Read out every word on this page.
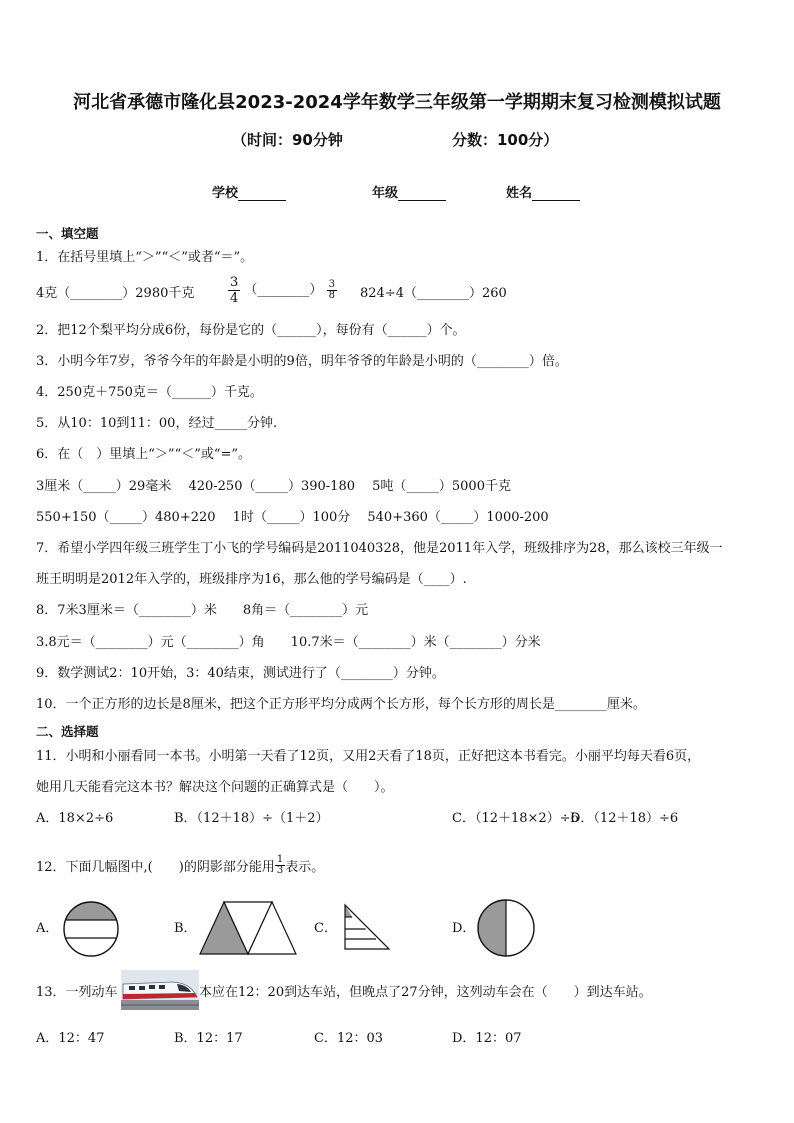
河北省承德市隆化县2023-2024学年数学三年级第一学期期末复习检测模拟试题
（时间：90分钟	分数：100分）
学校	年级	姓名
一、填空题
1．在括号里填上“＞”“＜”或者“＝”。
4克（________）2980千克	$\frac{3}{4}$ （________） $\frac{3}{8}$ 824÷4（________）260
2．把12个梨平均分成6份，每份是它的（______），每份有（______）个。
3．小明今年7岁，爷爷今年的年龄是小明的9倍，明年爷爷的年龄是小明的（________）倍。
4．250克＋750克＝（______）千克。
5．从10：10到11：00，经过_____分钟.
6．在（　）里填上“＞”“＜”或“=”。
3厘米（_____）29毫米　 420-250（_____）390-180　 5吨（_____）5000千克
550+150（_____）480+220　 1时（_____）100分　 540+360（_____）1000-200
7．希望小学四年级三班学生丁小飞的学号编码是2011040328，他是2011年入学，班级排序为28，那么该校三年级一
班王明明是2012年入学的，班级排序为16，那么他的学号编码是（____）.
8．7米3厘米＝（________）米　　8角＝（________）元
3.8元＝（________）元（________）角　　10.7米＝（________）米（________）分米
9．数学测试2：10开始，3：40结束，测试进行了（________）分钟。
10．一个正方形的边长是8厘米，把这个正方形平均分成两个长方形，每个长方形的周长是________厘米。
二、选择题
11．小明和小丽看同一本书。小明第一天看了12页，又用2天看了18页，正好把这本书看完。小丽平均每天看6页，
她用几天能看完这本书？解决这个问题的正确算式是（　　）。
A．18×2÷6	B．（12＋18）÷（1＋2）	C．（12＋18×2）÷6
D．（12＋18）÷6
12．下面几幅图中,(　　)的阴影部分能用 $\frac{1}{3}$ 表示。
A．	B．	C．	D．
13．一列动车	本应在12：20到达车站，但晚点了27分钟，这列动车会在（　　）到达车站。
A．12：47	B．12：17	C．12：03	D．12：07
